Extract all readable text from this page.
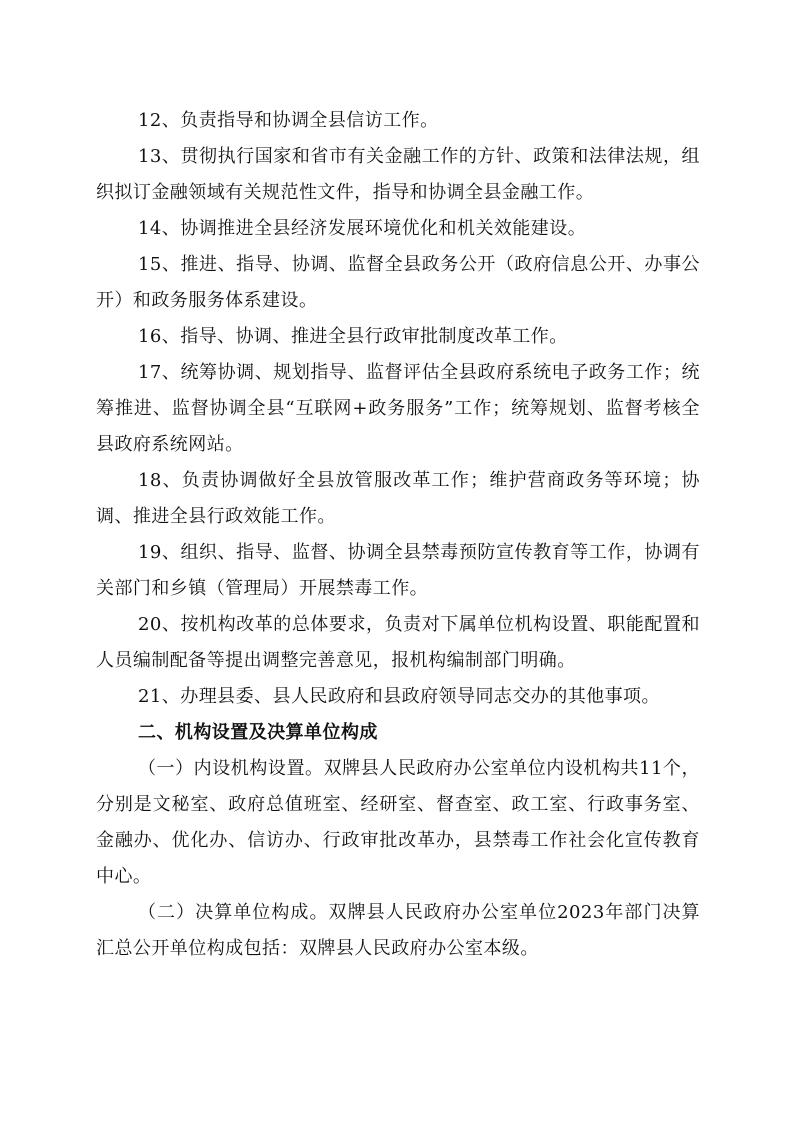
12、负责指导和协调全县信访工作。

13、贯彻执行国家和省市有关金融工作的方针、政策和法律法规，组织拟订金融领域有关规范性文件，指导和协调全县金融工作。

14、协调推进全县经济发展环境优化和机关效能建设。

15、推进、指导、协调、监督全县政务公开（政府信息公开、办事公开）和政务服务体系建设。

16、指导、协调、推进全县行政审批制度改革工作。

17、统筹协调、规划指导、监督评估全县政府系统电子政务工作；统筹推进、监督协调全县“互联网+政务服务”工作；统筹规划、监督考核全县政府系统网站。

18、负责协调做好全县放管服改革工作；维护营商政务等环境；协调、推进全县行政效能工作。

19、组织、指导、监督、协调全县禁毒预防宣传教育等工作，协调有关部门和乡镇（管理局）开展禁毒工作。

20、按机构改革的总体要求，负责对下属单位机构设置、职能配置和人员编制配备等提出调整完善意见，报机构编制部门明确。

21、办理县委、县人民政府和县政府领导同志交办的其他事项。

二、机构设置及决算单位构成

（一）内设机构设置。双牌县人民政府办公室单位内设机构共11个，分别是文秘室、政府总值班室、经研室、督查室、政工室、行政事务室、金融办、优化办、信访办、行政审批改革办，县禁毒工作社会化宣传教育中心。

（二）决算单位构成。双牌县人民政府办公室单位2023年部门决算汇总公开单位构成包括：双牌县人民政府办公室本级。
